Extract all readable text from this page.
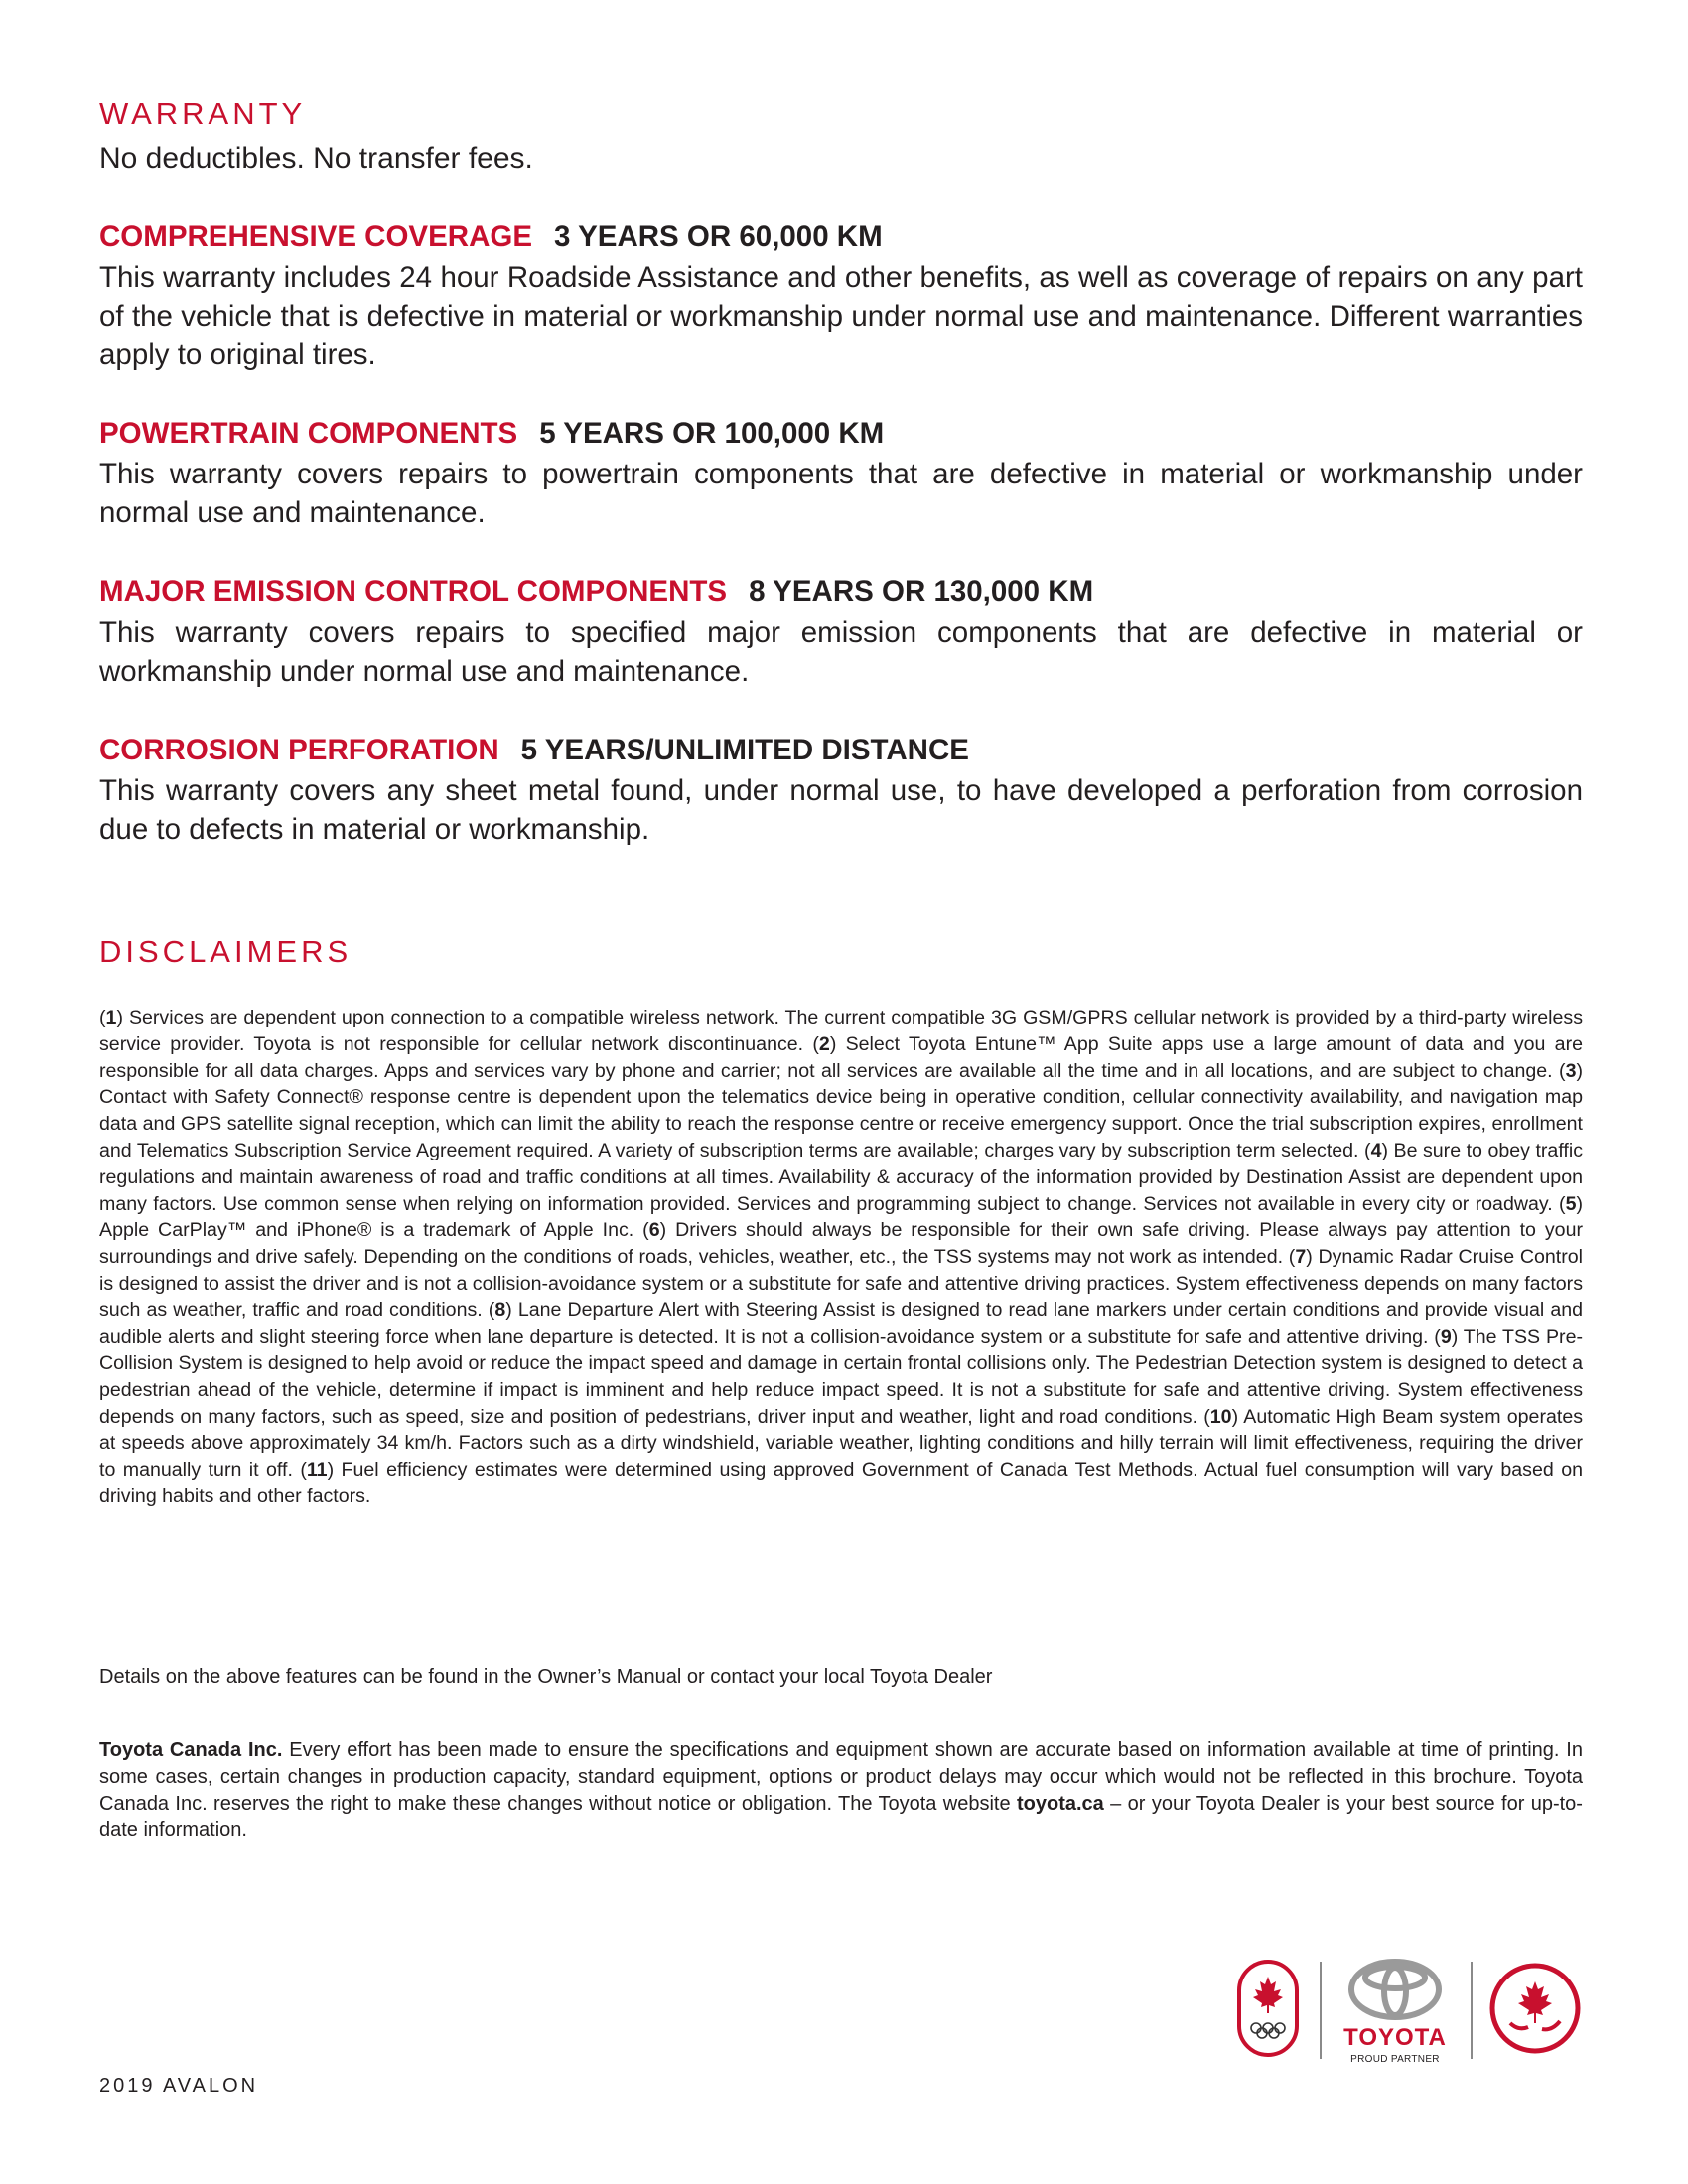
WARRANTY

No deductibles. No transfer fees.

COMPREHENSIVE COVERAGE 3 YEARS OR 60,000 KM

This warranty includes 24 hour Roadside Assistance and other benefits, as well as coverage of repairs on any part of the vehicle that is defective in material or workmanship under normal use and maintenance. Different warranties apply to original tires.

POWERTRAIN COMPONENTS 5 YEARS OR 100,000 KM

This warranty covers repairs to powertrain components that are defective in material or workmanship under normal use and maintenance.

MAJOR EMISSION CONTROL COMPONENTS 8 YEARS OR 130,000 KM

This warranty covers repairs to specified major emission components that are defective in material or workmanship under normal use and maintenance.

CORROSION PERFORATION 5 YEARS/UNLIMITED DISTANCE

This warranty covers any sheet metal found, under normal use, to have developed a perforation from corrosion due to defects in material or workmanship.

DISCLAIMERS

(1) Services are dependent upon connection to a compatible wireless network. The current compatible 3G GSM/GPRS cellular network is provided by a third-party wireless service provider. Toyota is not responsible for cellular network discontinuance. (2) Select Toyota Entune™ App Suite apps use a large amount of data and you are responsible for all data charges. Apps and services vary by phone and carrier; not all services are available all the time and in all locations, and are subject to change. (3) Contact with Safety Connect® response centre is dependent upon the telematics device being in operative condition, cellular connectivity availability, and navigation map data and GPS satellite signal reception, which can limit the ability to reach the response centre or receive emergency support. Once the trial subscription expires, enrollment and Telematics Subscription Service Agreement required. A variety of subscription terms are available; charges vary by subscription term selected. (4) Be sure to obey traffic regulations and maintain awareness of road and traffic conditions at all times. Availability & accuracy of the information provided by Destination Assist are dependent upon many factors. Use common sense when relying on information provided. Services and programming subject to change. Services not available in every city or roadway. (5) Apple CarPlay™ and iPhone® is a trademark of Apple Inc. (6) Drivers should always be responsible for their own safe driving. Please always pay attention to your surroundings and drive safely. Depending on the conditions of roads, vehicles, weather, etc., the TSS systems may not work as intended. (7) Dynamic Radar Cruise Control is designed to assist the driver and is not a collision-avoidance system or a substitute for safe and attentive driving practices. System effectiveness depends on many factors such as weather, traffic and road conditions. (8) Lane Departure Alert with Steering Assist is designed to read lane markers under certain conditions and provide visual and audible alerts and slight steering force when lane departure is detected. It is not a collision-avoidance system or a substitute for safe and attentive driving. (9) The TSS Pre-Collision System is designed to help avoid or reduce the impact speed and damage in certain frontal collisions only. The Pedestrian Detection system is designed to detect a pedestrian ahead of the vehicle, determine if impact is imminent and help reduce impact speed. It is not a substitute for safe and attentive driving. System effectiveness depends on many factors, such as speed, size and position of pedestrians, driver input and weather, light and road conditions. (10) Automatic High Beam system operates at speeds above approximately 34 km/h. Factors such as a dirty windshield, variable weather, lighting conditions and hilly terrain will limit effectiveness, requiring the driver to manually turn it off. (11) Fuel efficiency estimates were determined using approved Government of Canada Test Methods. Actual fuel consumption will vary based on driving habits and other factors.

Details on the above features can be found in the Owner’s Manual or contact your local Toyota Dealer

Toyota Canada Inc. Every effort has been made to ensure the specifications and equipment shown are accurate based on information available at time of printing. In some cases, certain changes in production capacity, standard equipment, options or product delays may occur which would not be reflected in this brochure. Toyota Canada Inc. reserves the right to make these changes without notice or obligation. The Toyota website toyota.ca – or your Toyota Dealer is your best source for up-to-date information.

2019 AVALON

TOYOTA
PROUD PARTNER
